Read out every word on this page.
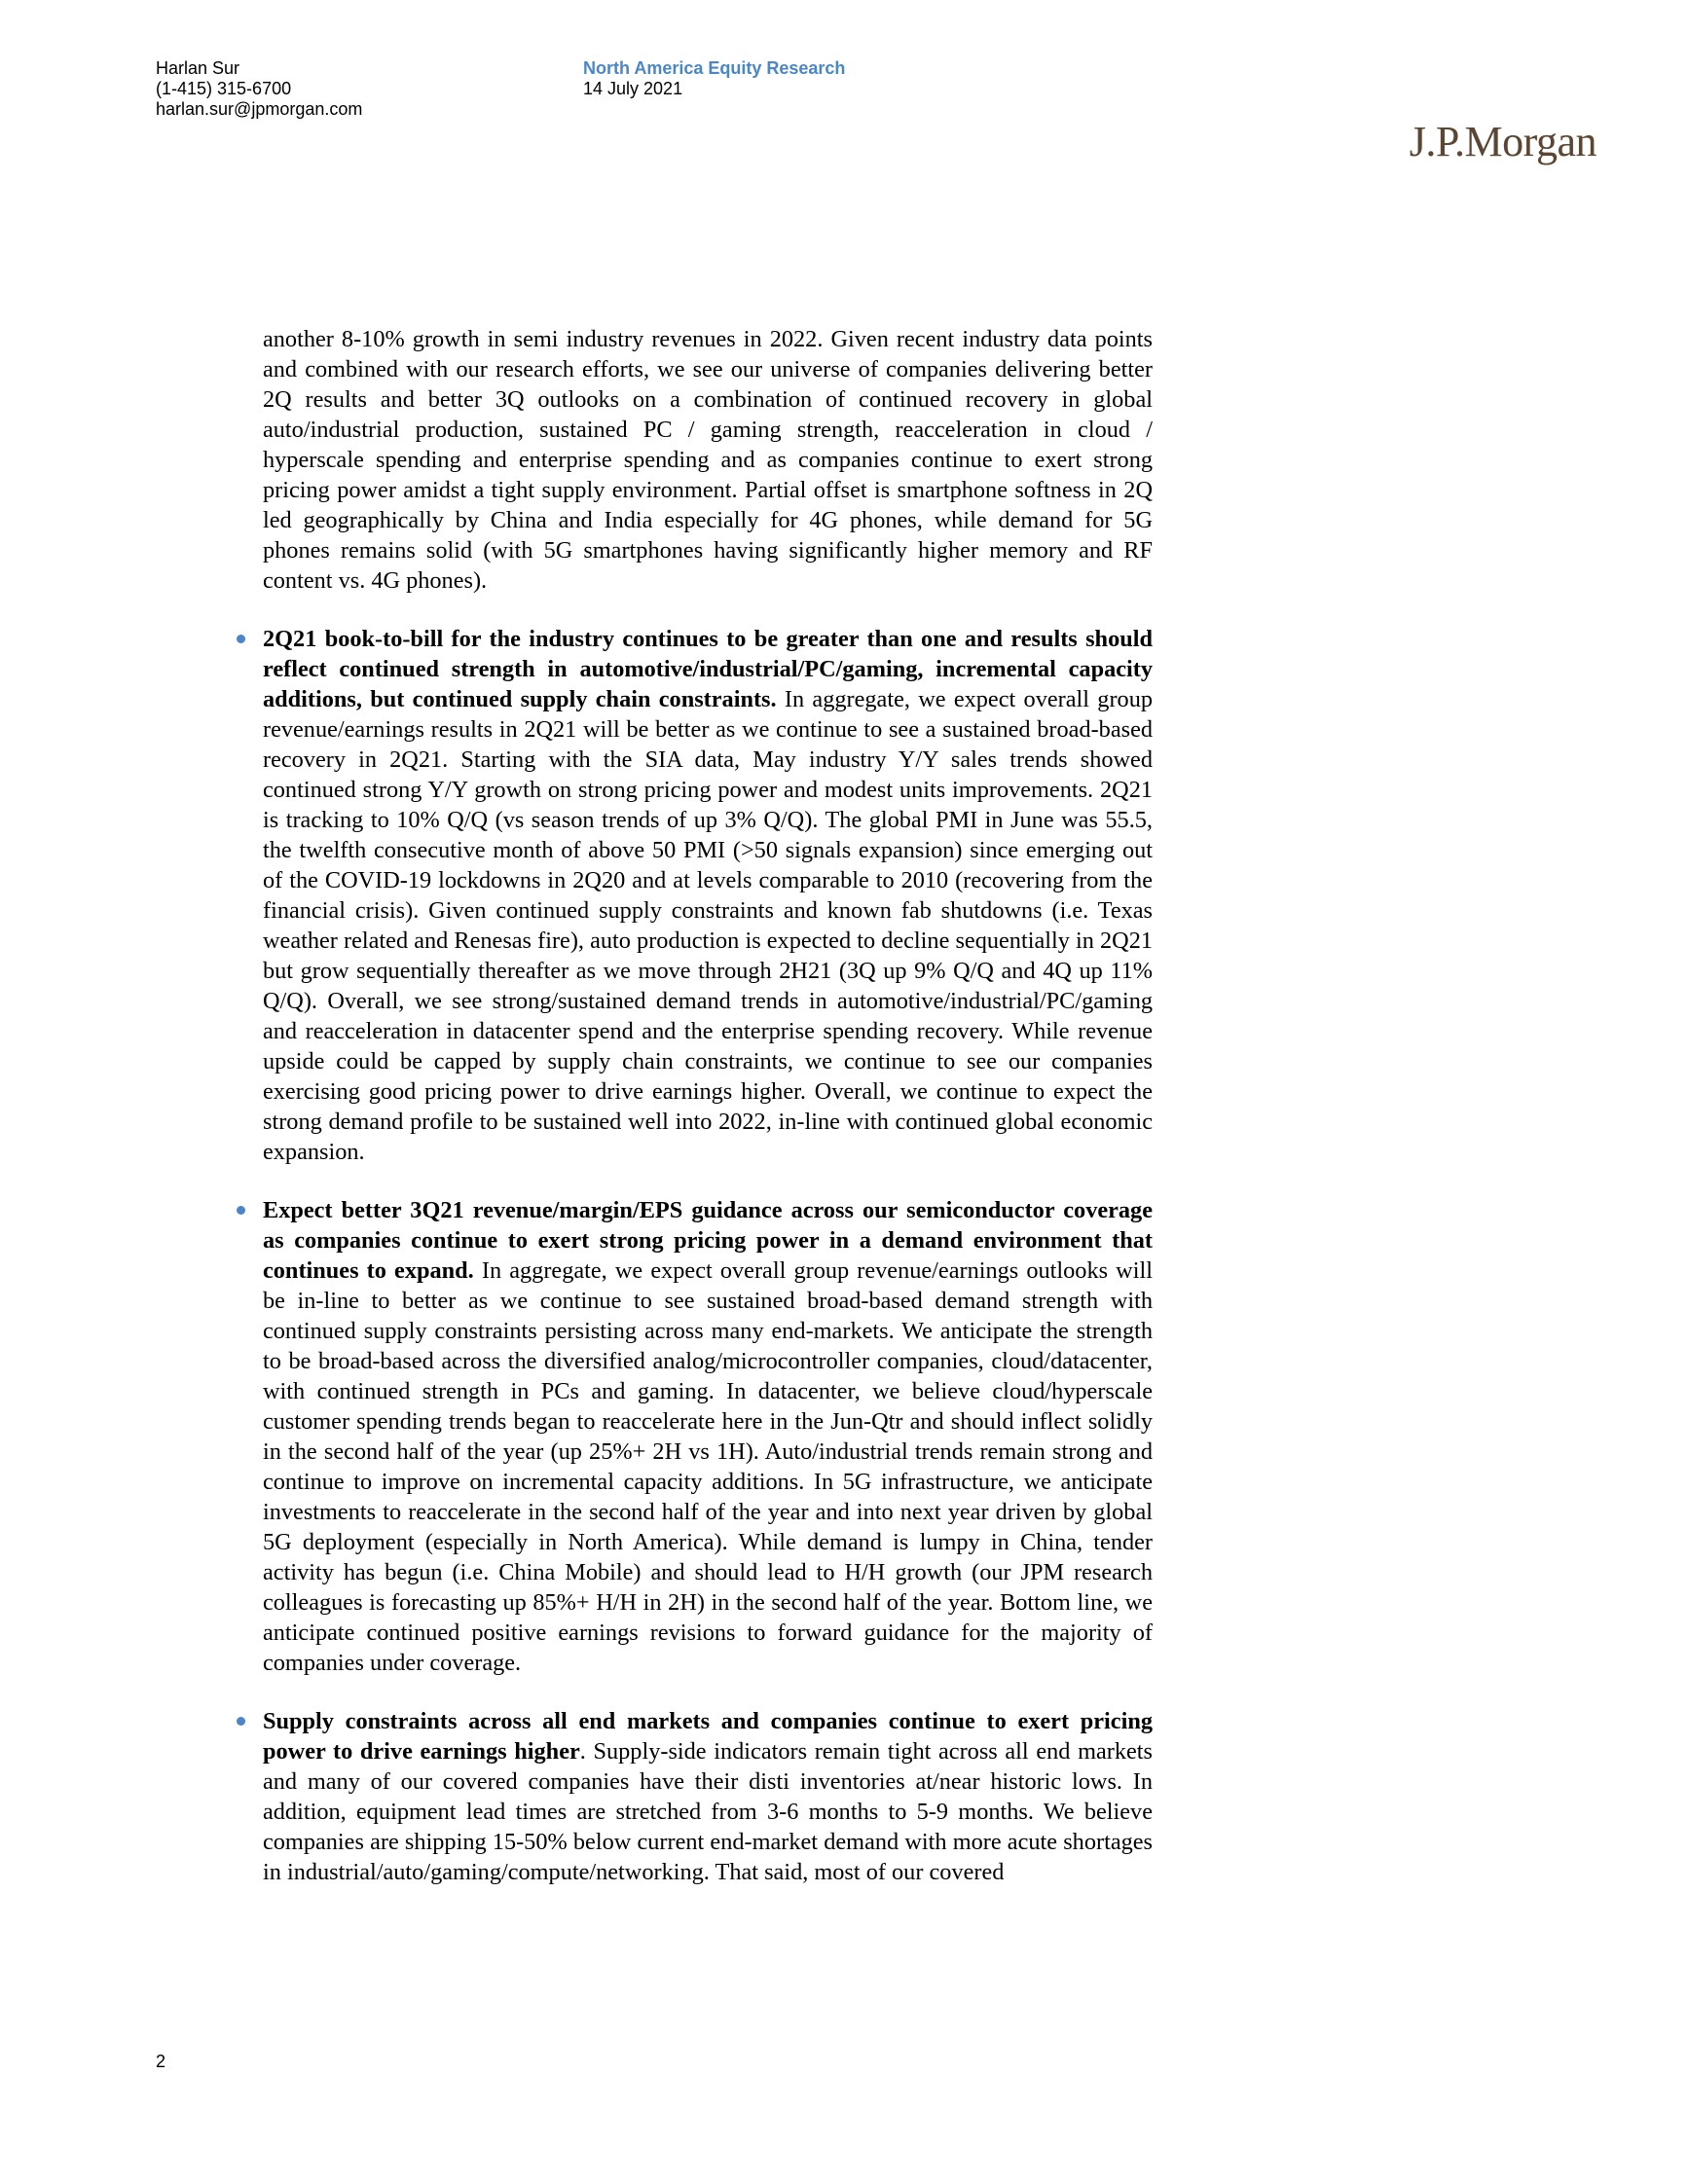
Harlan Sur
(1-415) 315-6700
harlan.sur@jpmorgan.com
North America Equity Research
14 July 2021
J.P.Morgan

another 8-10% growth in semi industry revenues in 2022. Given recent industry data points and combined with our research efforts, we see our universe of companies delivering better 2Q results and better 3Q outlooks on a combination of continued recovery in global auto/industrial production, sustained PC / gaming strength, reacceleration in cloud / hyperscale spending and enterprise spending and as companies continue to exert strong pricing power amidst a tight supply environment. Partial offset is smartphone softness in 2Q led geographically by China and India especially for 4G phones, while demand for 5G phones remains solid (with 5G smartphones having significantly higher memory and RF content vs. 4G phones).

2Q21 book-to-bill for the industry continues to be greater than one and results should reflect continued strength in automotive/industrial/PC/gaming, incremental capacity additions, but continued supply chain constraints. In aggregate, we expect overall group revenue/earnings results in 2Q21 will be better as we continue to see a sustained broad-based recovery in 2Q21. Starting with the SIA data, May industry Y/Y sales trends showed continued strong Y/Y growth on strong pricing power and modest units improvements. 2Q21 is tracking to 10% Q/Q (vs season trends of up 3% Q/Q). The global PMI in June was 55.5, the twelfth consecutive month of above 50 PMI (>50 signals expansion) since emerging out of the COVID-19 lockdowns in 2Q20 and at levels comparable to 2010 (recovering from the financial crisis). Given continued supply constraints and known fab shutdowns (i.e. Texas weather related and Renesas fire), auto production is expected to decline sequentially in 2Q21 but grow sequentially thereafter as we move through 2H21 (3Q up 9% Q/Q and 4Q up 11% Q/Q). Overall, we see strong/sustained demand trends in automotive/industrial/PC/gaming and reacceleration in datacenter spend and the enterprise spending recovery. While revenue upside could be capped by supply chain constraints, we continue to see our companies exercising good pricing power to drive earnings higher. Overall, we continue to expect the strong demand profile to be sustained well into 2022, in-line with continued global economic expansion.
Expect better 3Q21 revenue/margin/EPS guidance across our semiconductor coverage as companies continue to exert strong pricing power in a demand environment that continues to expand. In aggregate, we expect overall group revenue/earnings outlooks will be in-line to better as we continue to see sustained broad-based demand strength with continued supply constraints persisting across many end-markets. We anticipate the strength to be broad-based across the diversified analog/microcontroller companies, cloud/datacenter, with continued strength in PCs and gaming. In datacenter, we believe cloud/hyperscale customer spending trends began to reaccelerate here in the Jun-Qtr and should inflect solidly in the second half of the year (up 25%+ 2H vs 1H). Auto/industrial trends remain strong and continue to improve on incremental capacity additions. In 5G infrastructure, we anticipate investments to reaccelerate in the second half of the year and into next year driven by global 5G deployment (especially in North America). While demand is lumpy in China, tender activity has begun (i.e. China Mobile) and should lead to H/H growth (our JPM research colleagues is forecasting up 85%+ H/H in 2H) in the second half of the year. Bottom line, we anticipate continued positive earnings revisions to forward guidance for the majority of companies under coverage.
Supply constraints across all end markets and companies continue to exert pricing power to drive earnings higher. Supply-side indicators remain tight across all end markets and many of our covered companies have their disti inventories at/near historic lows. In addition, equipment lead times are stretched from 3-6 months to 5-9 months. We believe companies are shipping 15-50% below current end-market demand with more acute shortages in industrial/auto/gaming/compute/networking. That said, most of our covered
2
